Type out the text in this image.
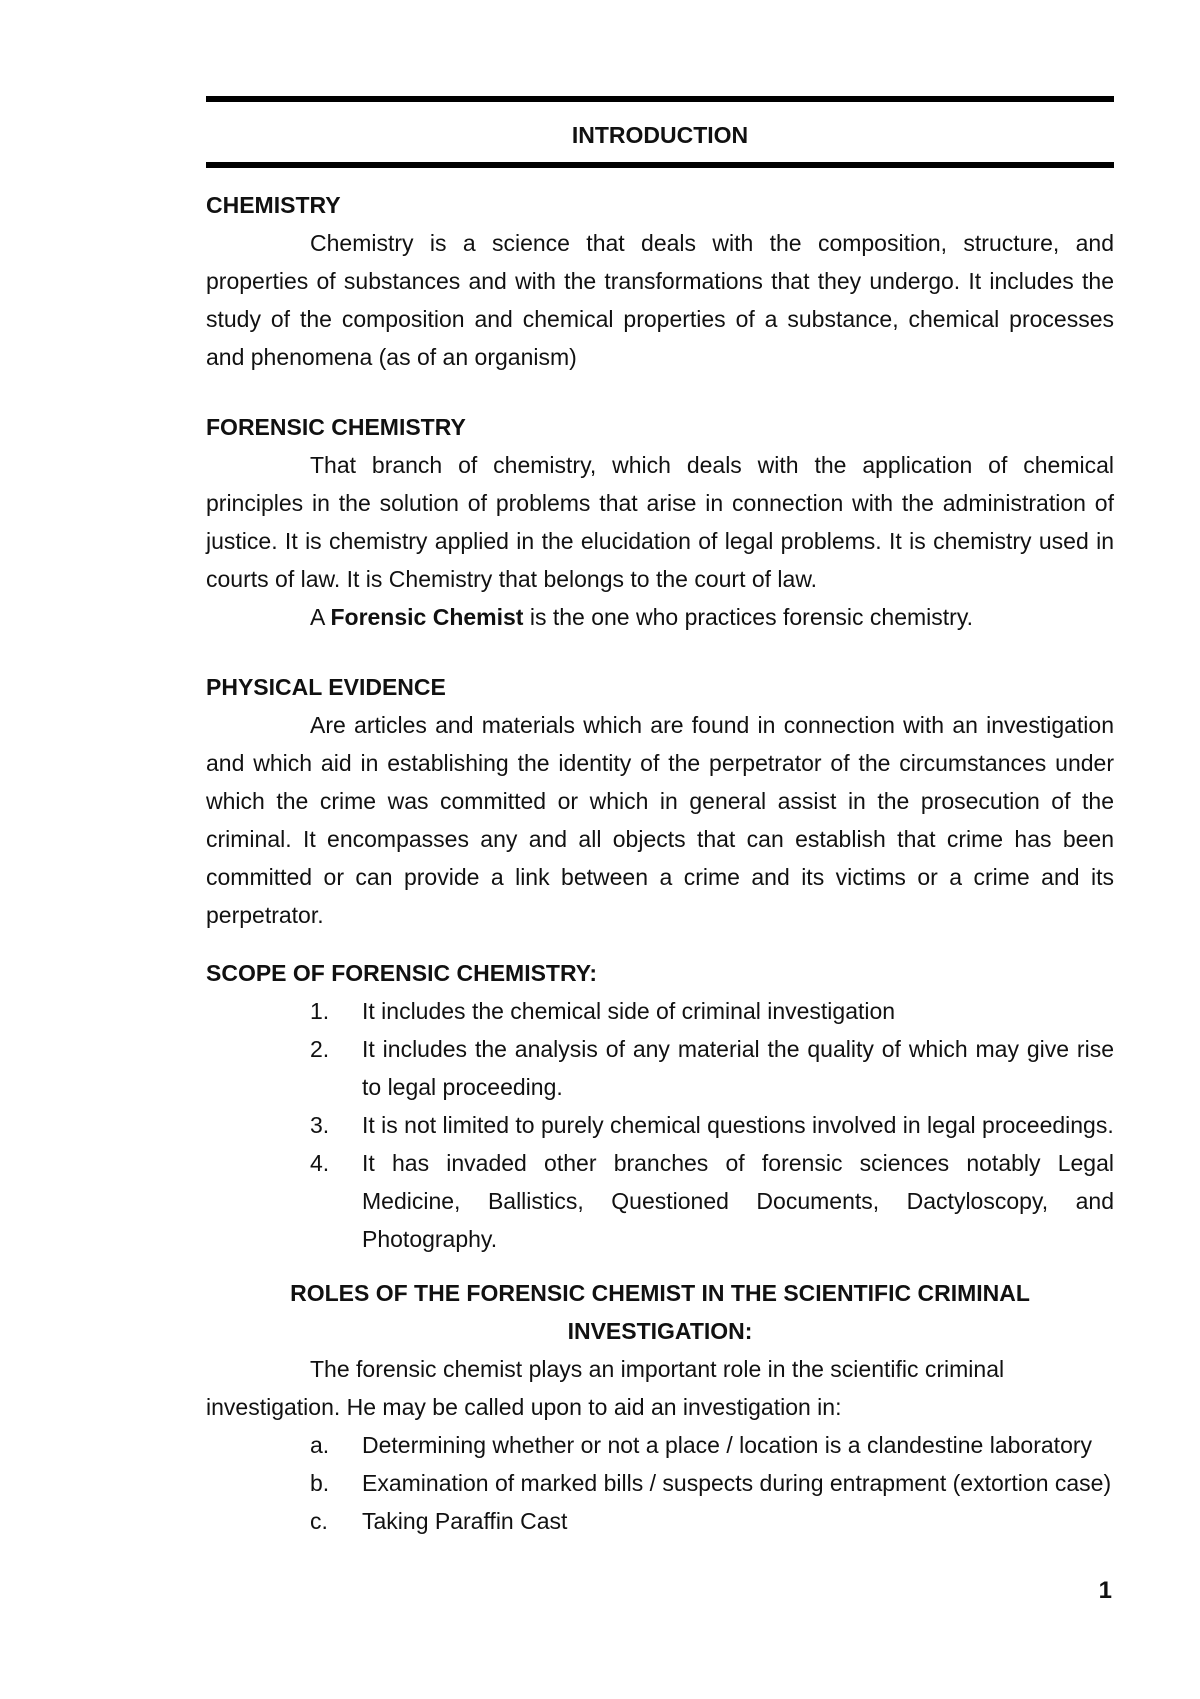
INTRODUCTION

CHEMISTRY

Chemistry is a science that deals with the composition, structure, and properties of substances and with the transformations that they undergo. It includes the study of the composition and chemical properties of a substance, chemical processes and phenomena (as of an organism)

FORENSIC CHEMISTRY

That branch of chemistry, which deals with the application of chemical principles in the solution of problems that arise in connection with the administration of justice. It is chemistry applied in the elucidation of legal problems. It is chemistry used in courts of law. It is Chemistry that belongs to the court of law.

A Forensic Chemist is the one who practices forensic chemistry.

PHYSICAL EVIDENCE

Are articles and materials which are found in connection with an investigation and which aid in establishing the identity of the perpetrator of the circumstances under which the crime was committed or which in general assist in the prosecution of the criminal. It encompasses any and all objects that can establish that crime has been committed or can provide a link between a crime and its victims or a crime and its perpetrator.

SCOPE OF FORENSIC CHEMISTRY:

1. It includes the chemical side of criminal investigation
2. It includes the analysis of any material the quality of which may give rise to legal proceeding.
3. It is not limited to purely chemical questions involved in legal proceedings.
4. It has invaded other branches of forensic sciences notably Legal Medicine, Ballistics, Questioned Documents, Dactyloscopy, and Photography.

ROLES OF THE FORENSIC CHEMIST IN THE SCIENTIFIC CRIMINAL

INVESTIGATION:

The forensic chemist plays an important role in the scientific criminal

investigation. He may be called upon to aid an investigation in:

a. Determining whether or not a place / location is a clandestine laboratory
b. Examination of marked bills / suspects during entrapment (extortion case)
c. Taking Paraffin Cast
1
